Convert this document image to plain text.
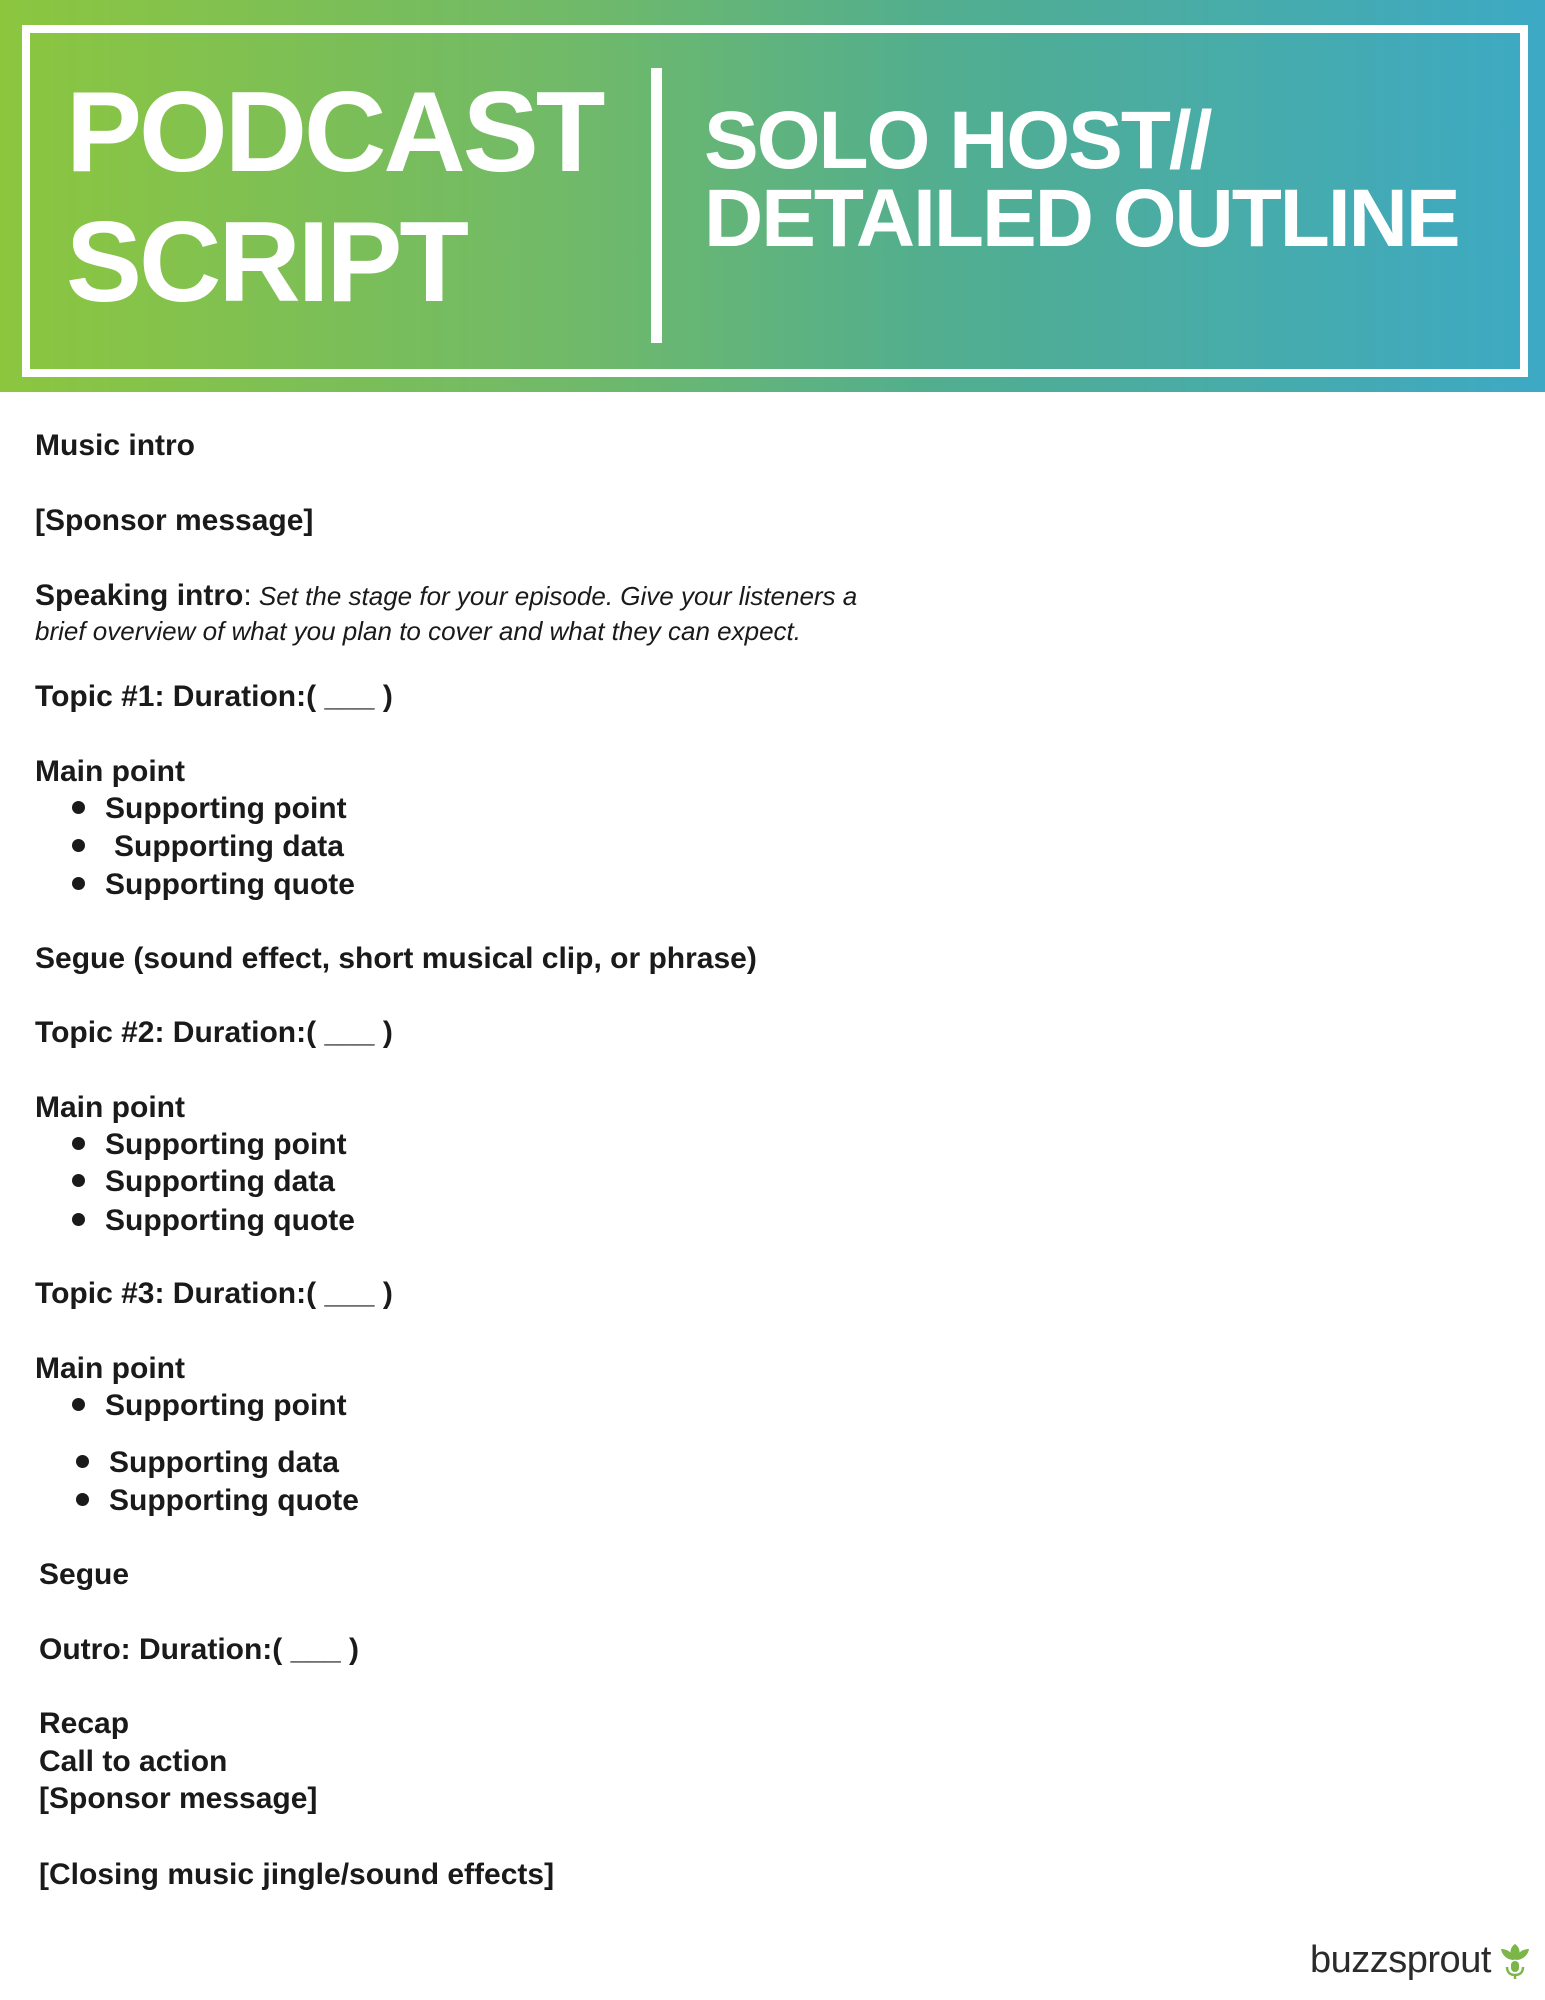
PODCAST
SCRIPT
SOLO HOST//
DETAILED OUTLINE
Music intro
[Sponsor message]
Speaking intro: Set the stage for your episode. Give your listeners a
brief overview of what you plan to cover and what they can expect.
Topic #1: Duration:( ___ )
Main point
Supporting point
Supporting data
Supporting quote
Segue (sound effect, short musical clip, or phrase)
Topic #2: Duration:( ___ )
Main point
Supporting point
Supporting data
Supporting quote
Topic #3: Duration:( ___ )
Main point
Supporting point
Supporting data
Supporting quote
Segue
Outro: Duration:( ___ )
Recap
Call to action
[Sponsor message]
[Closing music jingle/sound effects]
buzzsprout
